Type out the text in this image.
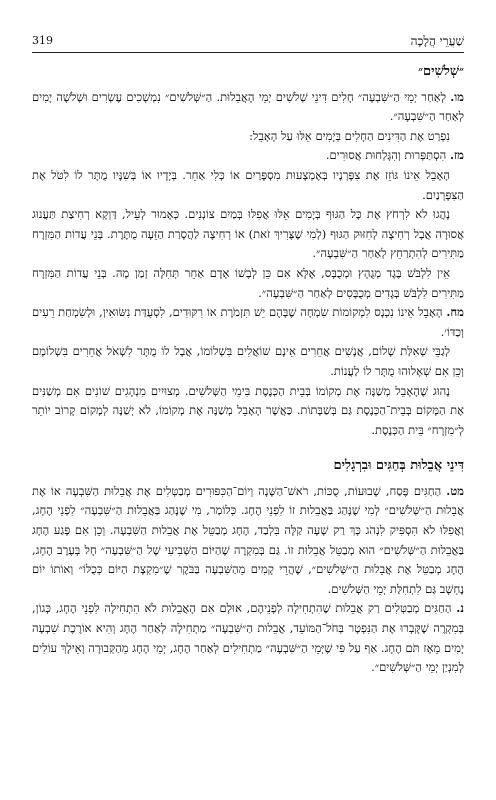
שַׁעֲרֵי הֲלָכָה
319
״שְׁלֹשִׁים״

מו. לְאַחַר יְמֵי הַ״שִּׁבְעָה״ חָלִים דִּינֵי שְׁלֹשִׁים יְמֵי הָאֲבֵלוּת. הַ״שְּׁלֹשִׁים״ נִמְשָׁכִים עֶשְׂרִים וּשְׁלֹשָׁה יָמִים לְאַחַר הַ״שִּׁבְעָה״.

נִפְרַט אֶת הַדִּינִים הַחָלִים בְּיָמִים אֵלּוּ עַל הָאָבֵל:

מז. הִסְתַּפְּרוּת וְהִגָּלְחוּת אֲסוּרִים.

הָאָבֵל אֵינוֹ גּוֹזֵז אֶת צִפָּרְנָיו בְּאֶמְצָעוּת מִסְפָּרַיִם אוֹ כְּלִי אַחֵר. בְּיָדָיו אוֹ בְּשִׁנָּיו מֻתָּר לוֹ לִטֹּל אֶת הַצִּפָּרְנַיִם.

נָהֲגוּ לֹא לִרְחֹץ אֶת כָּל הַגּוּף בְּיָמִים אֵלּוּ אֲפִלּוּ בְּמַיִם צוֹנְנִים. כְּאָמוּר לְעֵיל, דַּוְקָא רְחִיצַת תַּעֲנוּג אֲסוּרָה אֲבָל רְחִיצָה לְחִזּוּק הַגּוּף (לְמִי שֶׁצָּרִיךְ זֹאת) אוֹ רְחִיצָה לַהֲסָרַת הַזֵּעָה מֻתֶּרֶת. בְּנֵי עֲדוֹת הַמִּזְרָח מַתִּירִים לְהִתְרַחֵץ לְאַחַר הַ״שִּׁבְעָה״.

אֵין לִלְבֹּשׁ בֶּגֶד מְגֻהָץ וּמְכֻבָּס, אֶלָּא אִם כֵּן לְבָשׁוֹ אָדָם אַחֵר תְּחִלָּה זְמַן מָה. בְּנֵי עֲדוֹת הַמִּזְרָח מַתִּירִים לִלְבֹּשׁ בְּגָדִים מְכֻבָּסִים לְאַחַר הַ״שִּׁבְעָה״.

מח. הָאָבֵל אֵינוֹ נִכְנָס לִמְקוֹמוֹת שִׂמְחָה שֶׁבָּהֶם יֵשׁ תִּזְמֹרֶת אוֹ רִקּוּדִים, לִסְעֻדַּת נִשּׂוּאִין, וּלְשִׂמְחַת רֵעִים וְכַדּוֹ׳.

לְגַבֵּי שְׁאִלַּת שָׁלוֹם, אֲנָשִׁים אֲחֵרִים אֵינָם שׁוֹאֲלִים בִּשְׁלוֹמוֹ, אֲבָל לוֹ מֻתָּר לִשְׁאֹל אֲחֵרִים בִּשְׁלוֹמָם וְכֵן אִם שְׁאָלוּהוּ מֻתָּר לוֹ לַעֲנוֹת.

נָהוּג שֶׁהָאָבֵל מְשַׁנֶּה אֶת מְקוֹמוֹ בְּבֵית הַכְּנֶסֶת בִּימֵי הַשְּׁלֹשִׁים. מְצוּיִים מִנְהָגִים שׁוֹנִים אִם מְשַׁנִּים אֶת הַמָּקוֹם בְּבֵית־הַכְּנֶסֶת גַּם בְּשַׁבָּתוֹת. כַּאֲשֶׁר הָאָבֵל מְשַׁנֶּה אֶת מְקוֹמוֹ, לֹא יְשַׁנֶּה לְמָקוֹם קָרוֹב יוֹתֵר לְ״מִזְרָח״ בֵּית הַכְּנֶסֶת.

דִּינֵי אֲבֵלוּת בְּחַגִּים וּבִרְגָלִים

מט. הַחַגִּים פֶּסַח, שָׁבוּעוֹת, סֻכּוֹת, רֹאשׁ־הַשָּׁנָה וְיוֹם־הַכִּפּוּרִים מְבַטְּלִים אֶת אֲבֵלוּת הַשִּׁבְעָה אוֹ אֶת אֲבֵלוּת הַ״שְּׁלֹשִׁים״ לְמִי שֶׁנָּהַג בַּאֲבֵלוּת זוֹ לִפְנֵי הֶחָג. כְּלוֹמַר, מִי שֶׁנָּהַג בַּאֲבֵלוּת הַ״שִּׁבְעָה״ לִפְנֵי הֶחָג, וַאֲפִלּוּ לֹא הִסְפִּיק לִנְהֹג כָּךְ רַק שָׁעָה קַלָּה בִּלְבַד, הֶחָג מְבַטֵּל אֶת אֲבֵלוּת הַשִּׁבְעָה. וְכֵן אִם פָּגַע הֶחָג בַּאֲבֵלוּת הַ״שְּׁלֹשִׁים״ הוּא מְבַטֵּל אֲבֵלוּת זוֹ. גַּם בְּמִקְרֶה שֶׁהַיּוֹם הַשְּׁבִיעִי שֶׁל הַ״שִּׁבְעָה״ חָל בְּעֶרֶב הֶחָג, הֶחָג מְבַטֵּל אֶת אֲבֵלוּת הַ״שְּׁלֹשִׁים״, שֶׁהֲרֵי קָמִים מֵהַשִּׁבְעָה בַּבֹּקֶר שֶׁ״מִקְצָת הַיּוֹם כְּכֻלּוֹ״ וְאוֹתוֹ יוֹם נֶחְשָׁב גַּם לִתְחִלַּת יְמֵי הַשְּׁלֹשִׁים.

נ. הַחַגִּים מְבַטְּלִים רַק אֲבֵלוּת שֶׁהִתְחִילָה לְפָנֵיהֶם, אוּלָם אִם הָאֲבֵלוּת לֹא הִתְחִילָה לִפְנֵי הֶחָג, כְּגוֹן, בְּמִקְרֶה שֶׁקָּבְרוּ אֶת הַנִּפְטָר בְּחֹל־הַמּוֹעֵד, אֲבֵלוּת הַ״שִּׁבְעָה״ מַתְחִילָה לְאַחַר הֶחָג וְהִיא אוֹרֶכֶת שִׁבְעָה יָמִים מֵאָז תֹּם הֶחָג. אַף עַל פִּי שֶׁיְּמֵי הַ״שִּׁבְעָה״ מַתְחִילִים לְאַחַר הֶחָג, יְמֵי הֶחָג מֵהַקְּבוּרָה וָאֵילָךְ עוֹלִים לְמִנְיַן יְמֵי הַ״שְּׁלֹשִׁים״.
